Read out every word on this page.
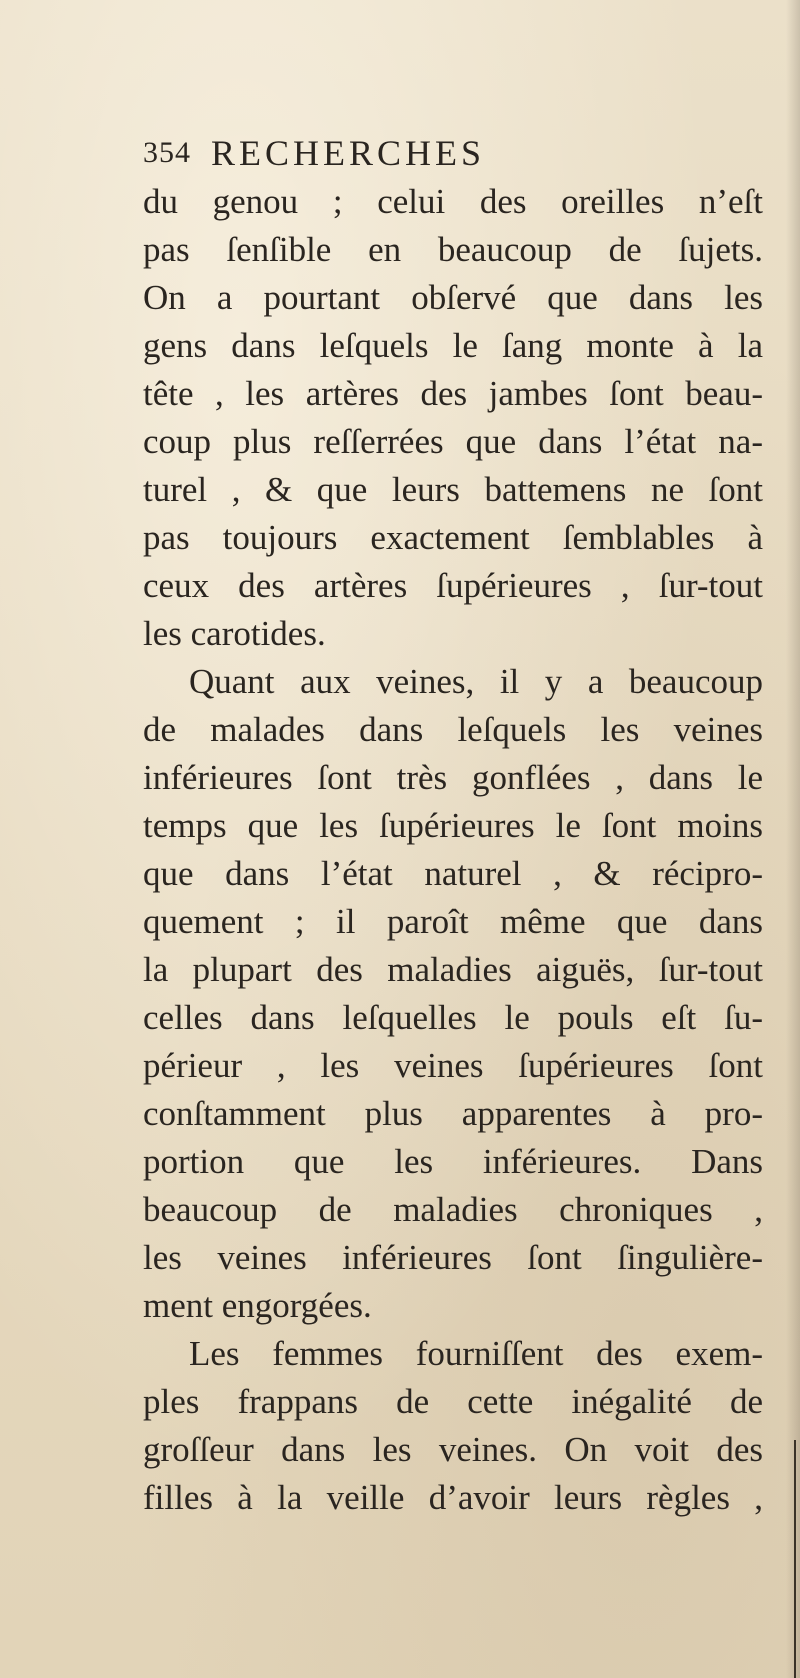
354 RECHERCHES
du genou ; celui des oreilles n’eſt
pas ſenſible en beaucoup de ſujets.
On a pourtant obſervé que dans les
gens dans leſquels le ſang monte à la
tête , les artères des jambes ſont beau-
coup plus reſſerrées que dans l’état na-
turel , & que leurs battemens ne ſont
pas toujours exactement ſemblables à
ceux des artères ſupérieures , ſur-tout
les carotides.
Quant aux veines, il y a beaucoup
de malades dans leſquels les veines
inférieures ſont très gonflées , dans le
temps que les ſupérieures le ſont moins
que dans l’état naturel , & récipro-
quement ; il paroît même que dans
la plupart des maladies aiguës, ſur-tout
celles dans leſquelles le pouls eſt ſu-
périeur , les veines ſupérieures ſont
conſtamment plus apparentes à pro-
portion que les inférieures. Dans
beaucoup de maladies chroniques ,
les veines inférieures ſont ſingulière-
ment engorgées.
Les femmes fourniſſent des exem-
ples frappans de cette inégalité de
groſſeur dans les veines. On voit des
filles à la veille d’avoir leurs règles ,
